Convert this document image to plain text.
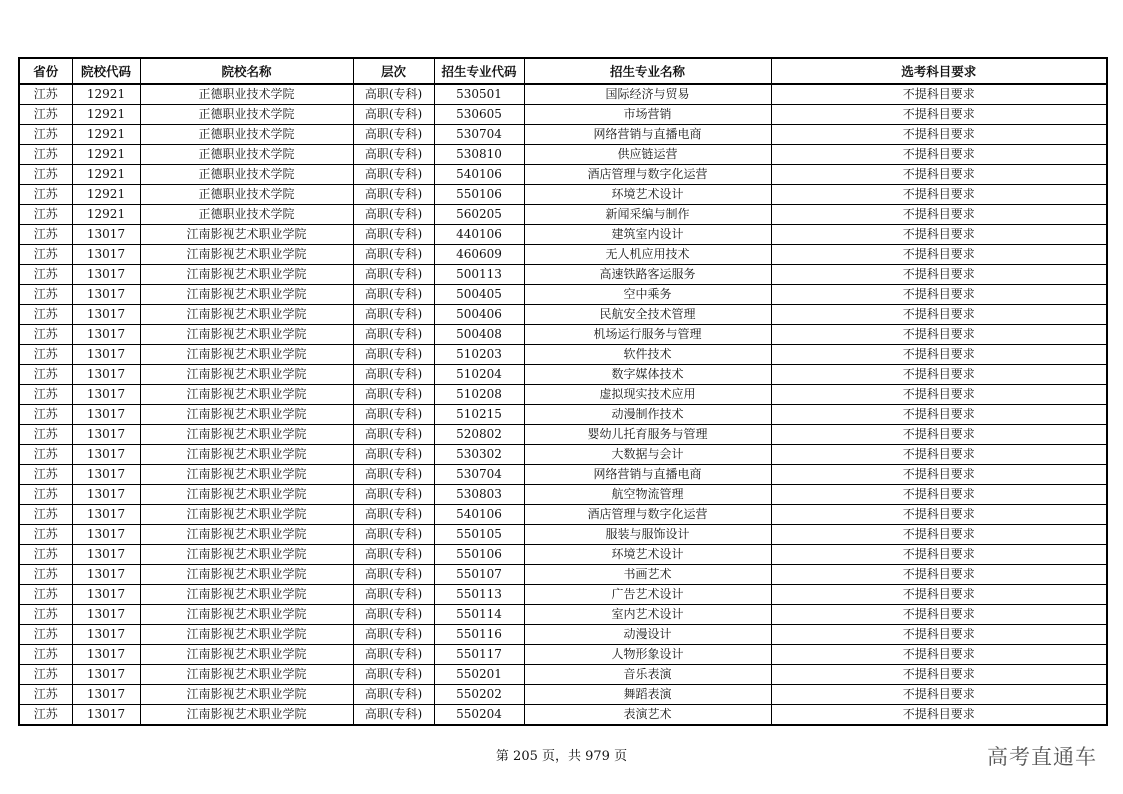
省份	院校代码	院校名称	层次	招生专业代码	招生专业名称	选考科目要求
江苏	12921	正德职业技术学院	高职(专科)	530501	国际经济与贸易	不提科目要求
江苏	12921	正德职业技术学院	高职(专科)	530605	市场营销	不提科目要求
江苏	12921	正德职业技术学院	高职(专科)	530704	网络营销与直播电商	不提科目要求
江苏	12921	正德职业技术学院	高职(专科)	530810	供应链运营	不提科目要求
江苏	12921	正德职业技术学院	高职(专科)	540106	酒店管理与数字化运营	不提科目要求
江苏	12921	正德职业技术学院	高职(专科)	550106	环境艺术设计	不提科目要求
江苏	12921	正德职业技术学院	高职(专科)	560205	新闻采编与制作	不提科目要求
江苏	13017	江南影视艺术职业学院	高职(专科)	440106	建筑室内设计	不提科目要求
江苏	13017	江南影视艺术职业学院	高职(专科)	460609	无人机应用技术	不提科目要求
江苏	13017	江南影视艺术职业学院	高职(专科)	500113	高速铁路客运服务	不提科目要求
江苏	13017	江南影视艺术职业学院	高职(专科)	500405	空中乘务	不提科目要求
江苏	13017	江南影视艺术职业学院	高职(专科)	500406	民航安全技术管理	不提科目要求
江苏	13017	江南影视艺术职业学院	高职(专科)	500408	机场运行服务与管理	不提科目要求
江苏	13017	江南影视艺术职业学院	高职(专科)	510203	软件技术	不提科目要求
江苏	13017	江南影视艺术职业学院	高职(专科)	510204	数字媒体技术	不提科目要求
江苏	13017	江南影视艺术职业学院	高职(专科)	510208	虚拟现实技术应用	不提科目要求
江苏	13017	江南影视艺术职业学院	高职(专科)	510215	动漫制作技术	不提科目要求
江苏	13017	江南影视艺术职业学院	高职(专科)	520802	婴幼儿托育服务与管理	不提科目要求
江苏	13017	江南影视艺术职业学院	高职(专科)	530302	大数据与会计	不提科目要求
江苏	13017	江南影视艺术职业学院	高职(专科)	530704	网络营销与直播电商	不提科目要求
江苏	13017	江南影视艺术职业学院	高职(专科)	530803	航空物流管理	不提科目要求
江苏	13017	江南影视艺术职业学院	高职(专科)	540106	酒店管理与数字化运营	不提科目要求
江苏	13017	江南影视艺术职业学院	高职(专科)	550105	服装与服饰设计	不提科目要求
江苏	13017	江南影视艺术职业学院	高职(专科)	550106	环境艺术设计	不提科目要求
江苏	13017	江南影视艺术职业学院	高职(专科)	550107	书画艺术	不提科目要求
江苏	13017	江南影视艺术职业学院	高职(专科)	550113	广告艺术设计	不提科目要求
江苏	13017	江南影视艺术职业学院	高职(专科)	550114	室内艺术设计	不提科目要求
江苏	13017	江南影视艺术职业学院	高职(专科)	550116	动漫设计	不提科目要求
江苏	13017	江南影视艺术职业学院	高职(专科)	550117	人物形象设计	不提科目要求
江苏	13017	江南影视艺术职业学院	高职(专科)	550201	音乐表演	不提科目要求
江苏	13017	江南影视艺术职业学院	高职(专科)	550202	舞蹈表演	不提科目要求
江苏	13017	江南影视艺术职业学院	高职(专科)	550204	表演艺术	不提科目要求
第 205 页，共 979 页	高考直通车
